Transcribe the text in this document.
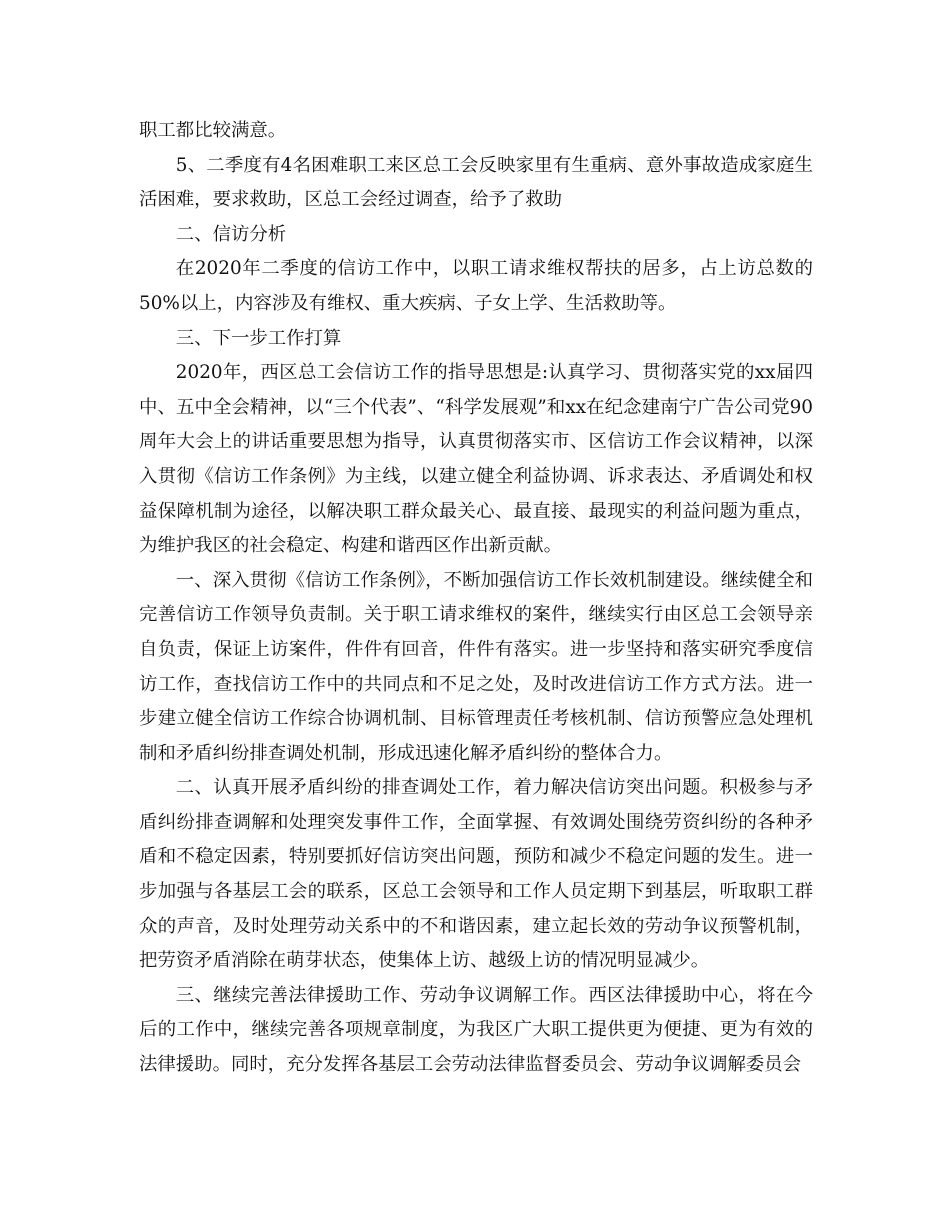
职工都比较满意。

5、二季度有4名困难职工来区总工会反映家里有生重病、意外事故造成家庭生活困难，要求救助，区总工会经过调查，给予了救助

二、信访分析

在2020年二季度的信访工作中，以职工请求维权帮扶的居多，占上访总数的50%以上，内容涉及有维权、重大疾病、子女上学、生活救助等。

三、下一步工作打算

2020年，西区总工会信访工作的指导思想是:认真学习、贯彻落实党的xx届四中、五中全会精神，以“三个代表”、“科学发展观”和xx在纪念建南宁广告公司党90周年大会上的讲话重要思想为指导，认真贯彻落实市、区信访工作会议精神，以深入贯彻《信访工作条例》为主线，以建立健全利益协调、诉求表达、矛盾调处和权益保障机制为途径，以解决职工群众最关心、最直接、最现实的利益问题为重点，为维护我区的社会稳定、构建和谐西区作出新贡献。

一、深入贯彻《信访工作条例》，不断加强信访工作长效机制建设。继续健全和完善信访工作领导负责制。关于职工请求维权的案件，继续实行由区总工会领导亲自负责，保证上访案件，件件有回音，件件有落实。进一步坚持和落实研究季度信访工作，查找信访工作中的共同点和不足之处，及时改进信访工作方式方法。进一步建立健全信访工作综合协调机制、目标管理责任考核机制、信访预警应急处理机制和矛盾纠纷排查调处机制，形成迅速化解矛盾纠纷的整体合力。

二、认真开展矛盾纠纷的排查调处工作，着力解决信访突出问题。积极参与矛盾纠纷排查调解和处理突发事件工作，全面掌握、有效调处围绕劳资纠纷的各种矛盾和不稳定因素，特别要抓好信访突出问题，预防和减少不稳定问题的发生。进一步加强与各基层工会的联系，区总工会领导和工作人员定期下到基层，听取职工群众的声音，及时处理劳动关系中的不和谐因素，建立起长效的劳动争议预警机制，把劳资矛盾消除在萌芽状态，使集体上访、越级上访的情况明显减少。

三、继续完善法律援助工作、劳动争议调解工作。西区法律援助中心，将在今后的工作中，继续完善各项规章制度，为我区广大职工提供更为便捷、更为有效的法律援助。同时，充分发挥各基层工会劳动法律监督委员会、劳动争议调解委员会
